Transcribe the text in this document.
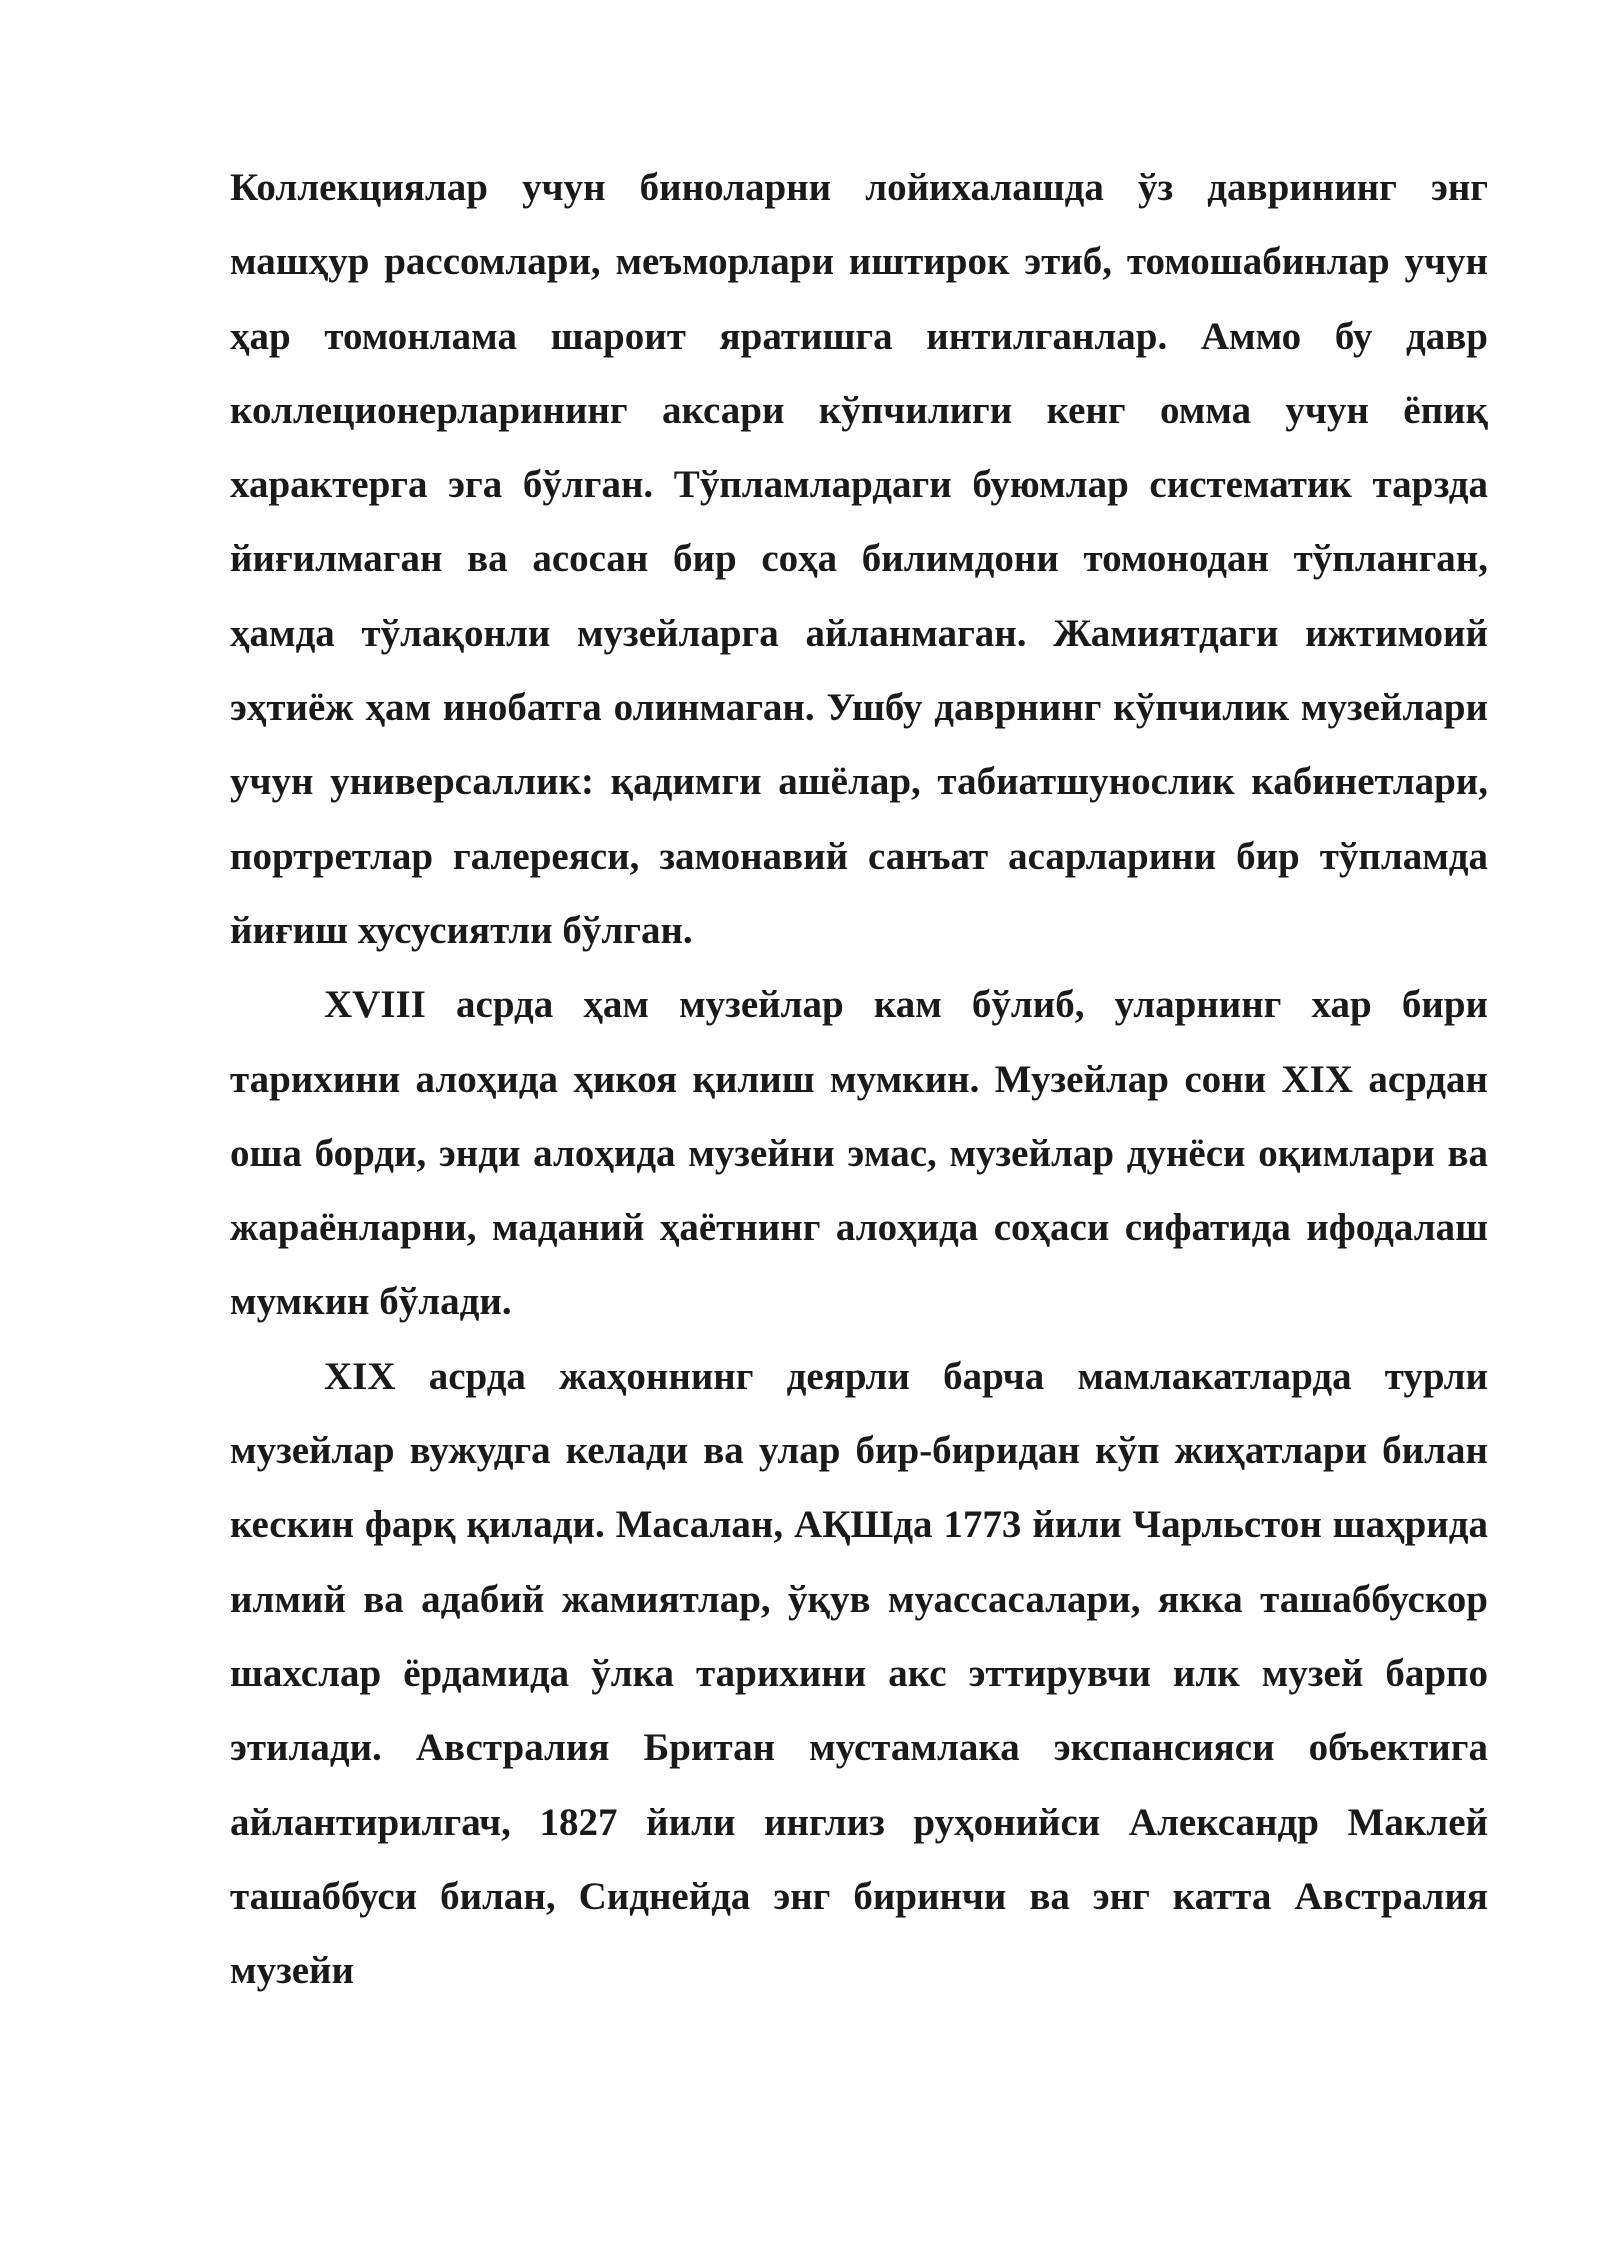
Коллекциялар учун биноларни лойихалашда ўз даврининг энг машҳур рассомлари, меъморлари иштирок этиб, томошабинлар учун ҳар томонлама шароит яратишга интилганлар. Аммо бу давр коллеционерларининг аксари кўпчилиги кенг омма учун ёпиқ характерга эга бўлган. Тўпламлардаги буюмлар систематик тарзда йиғилмаган ва асосан бир соҳа билимдони томонодан тўпланган, ҳамда тўлақонли музейларга айланмаган. Жамиятдаги ижтимоий эҳтиёж ҳам инобатга олинмаган. Ушбу даврнинг кўпчилик музейлари учун универсаллик: қадимги ашёлар, табиатшунослик кабинетлари, портретлар галереяси, замонавий санъат асарларини бир тўпламда йиғиш хусусиятли бўлган.

XVIII асрда ҳам музейлар кам бўлиб, уларнинг хар бири тарихини алоҳида ҳикоя қилиш мумкин. Музейлар сони XIX асрдан оша борди, энди алоҳида музейни эмас, музейлар дунёси оқимлари ва жараёнларни, маданий ҳаётнинг алоҳида соҳаси сифатида ифодалаш мумкин бўлади.

XIX асрда жаҳоннинг деярли барча мамлакатларда турли музейлар вужудга келади ва улар бир-биридан кўп жиҳатлари билан кескин фарқ қилади. Масалан, АҚШда 1773 йили Чарльстон шаҳрида илмий ва адабий жамиятлар, ўқув муассасалари, якка ташаббускор шахслар ёрдамида ўлка тарихини акс эттирувчи илк музей барпо этилади. Австралия Британ мустамлака экспансияси объектига айлантирилгач, 1827 йили инглиз руҳонийси Александр Маклей ташаббуси билан, Сиднейда энг биринчи ва энг катта Австралия музейи
